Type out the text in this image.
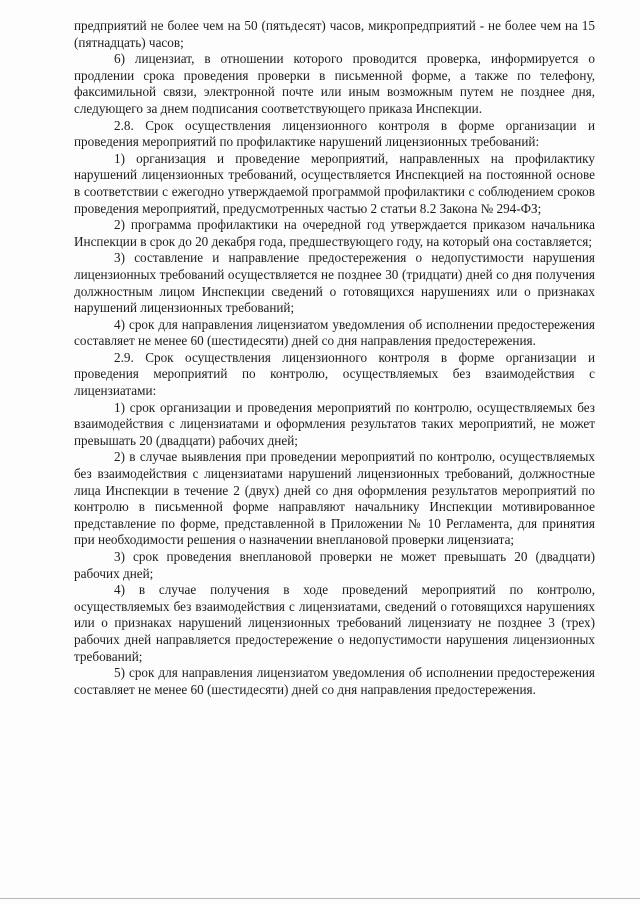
предприятий не более чем на 50 (пятьдесят) часов, микропредприятий - не более чем на 15 (пятнадцать) часов;

6) лицензиат, в отношении которого проводится проверка, информируется о продлении срока проведения проверки в письменной форме, а также по телефону, факсимильной связи, электронной почте или иным возможным путем не позднее дня, следующего за днем подписания соответствующего приказа Инспекции.

2.8. Срок осуществления лицензионного контроля в форме организации и проведения мероприятий по профилактике нарушений лицензионных требований:

1) организация и проведение мероприятий, направленных на профилактику нарушений лицензионных требований, осуществляется Инспекцией на постоянной основе в соответствии с ежегодно утверждаемой программой профилактики с соблюдением сроков проведения мероприятий, предусмотренных частью 2 статьи 8.2 Закона № 294-ФЗ;

2) программа профилактики на очередной год утверждается приказом начальника Инспекции в срок до 20 декабря года, предшествующего году, на который она составляется;

3) составление и направление предостережения о недопустимости нарушения лицензионных требований осуществляется не позднее 30 (тридцати) дней со дня получения должностным лицом Инспекции сведений о готовящихся нарушениях или о признаках нарушений лицензионных требований;

4) срок для направления лицензиатом уведомления об исполнении предостережения составляет не менее 60 (шестидесяти) дней со дня направления предостережения.

2.9. Срок осуществления лицензионного контроля в форме организации и проведения мероприятий по контролю, осуществляемых без взаимодействия с лицензиатами:

1) срок организации и проведения мероприятий по контролю, осуществляемых без взаимодействия с лицензиатами и оформления результатов таких мероприятий, не может превышать 20 (двадцати) рабочих дней;

2) в случае выявления при проведении мероприятий по контролю, осуществляемых без взаимодействия с лицензиатами нарушений лицензионных требований, должностные лица Инспекции в течение 2 (двух) дней со дня оформления результатов мероприятий по контролю в письменной форме направляют начальнику Инспекции мотивированное представление по форме, представленной в Приложении № 10 Регламента, для принятия при необходимости решения о назначении внеплановой проверки лицензиата;

3) срок проведения внеплановой проверки не может превышать 20 (двадцати) рабочих дней;

4) в случае получения в ходе проведений мероприятий по контролю, осуществляемых без взаимодействия с лицензиатами, сведений о готовящихся нарушениях или о признаках нарушений лицензионных требований лицензиату не позднее 3 (трех) рабочих дней направляется предостережение о недопустимости нарушения лицензионных требований;

5) срок для направления лицензиатом уведомления об исполнении предостережения составляет не менее 60 (шестидесяти) дней со дня направления предостережения.
